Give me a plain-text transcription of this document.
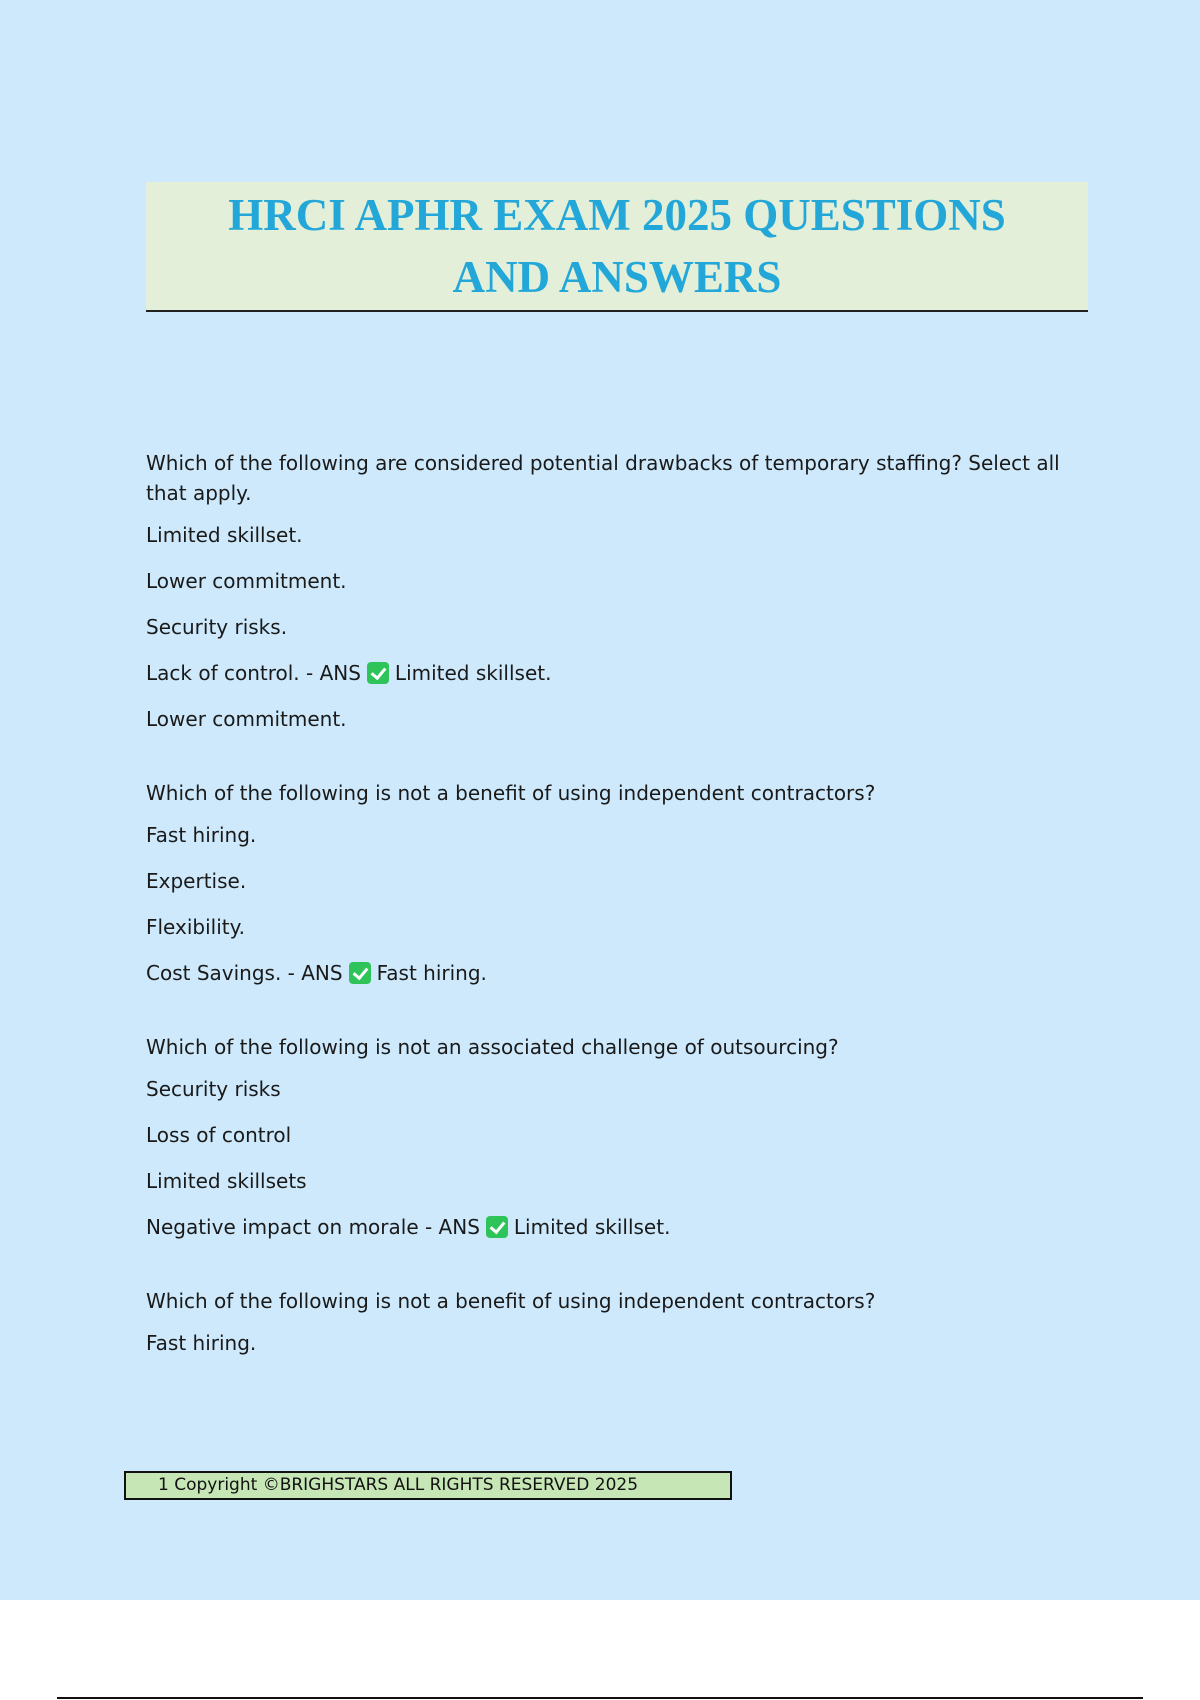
HRCI APHR EXAM 2025 QUESTIONS
AND ANSWERS

Which of the following are considered potential drawbacks of temporary staffing? Select all that apply.

Limited skillset.

Lower commitment.

Security risks.

Lack of control. - ANS Limited skillset.

Lower commitment.

Which of the following is not a benefit of using independent contractors?

Fast hiring.

Expertise.

Flexibility.

Cost Savings. - ANS Fast hiring.

Which of the following is not an associated challenge of outsourcing?

Security risks

Loss of control

Limited skillsets

Negative impact on morale - ANS Limited skillset.

Which of the following is not a benefit of using independent contractors?

Fast hiring.

1 Copyright ©BRIGHSTARS ALL RIGHTS RESERVED 2025
